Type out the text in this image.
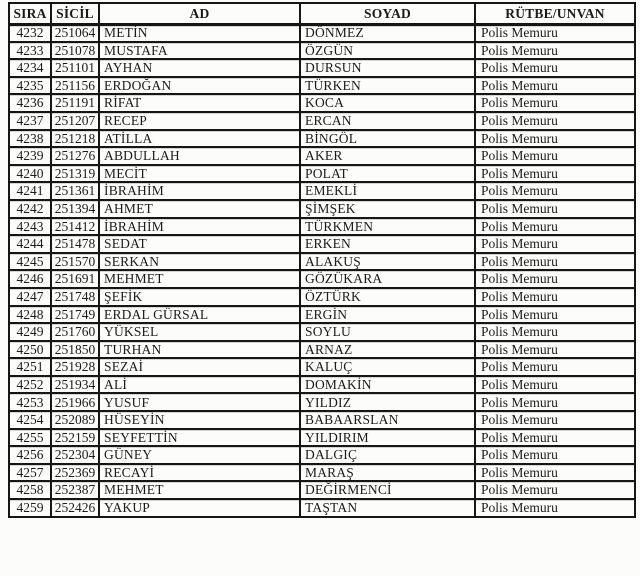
SIRA	SİCİL	AD	SOYAD	RÜTBE/UNVAN
4232	251064	METİN	DÖNMEZ	Polis Memuru
4233	251078	MUSTAFA	ÖZGÜN	Polis Memuru
4234	251101	AYHAN	DURSUN	Polis Memuru
4235	251156	ERDOĞAN	TÜRKEN	Polis Memuru
4236	251191	RİFAT	KOCA	Polis Memuru
4237	251207	RECEP	ERCAN	Polis Memuru
4238	251218	ATİLLA	BİNGÖL	Polis Memuru
4239	251276	ABDULLAH	AKER	Polis Memuru
4240	251319	MECİT	POLAT	Polis Memuru
4241	251361	İBRAHİM	EMEKLİ	Polis Memuru
4242	251394	AHMET	ŞİMŞEK	Polis Memuru
4243	251412	İBRAHİM	TÜRKMEN	Polis Memuru
4244	251478	SEDAT	ERKEN	Polis Memuru
4245	251570	SERKAN	ALAKUŞ	Polis Memuru
4246	251691	MEHMET	GÖZÜKARA	Polis Memuru
4247	251748	ŞEFİK	ÖZTÜRK	Polis Memuru
4248	251749	ERDAL GÜRSAL	ERGİN	Polis Memuru
4249	251760	YÜKSEL	SOYLU	Polis Memuru
4250	251850	TURHAN	ARNAZ	Polis Memuru
4251	251928	SEZAİ	KALUÇ	Polis Memuru
4252	251934	ALİ	DOMAKİN	Polis Memuru
4253	251966	YUSUF	YILDIZ	Polis Memuru
4254	252089	HÜSEYİN	BABAARSLAN	Polis Memuru
4255	252159	SEYFETTİN	YILDIRIM	Polis Memuru
4256	252304	GÜNEY	DALGIÇ	Polis Memuru
4257	252369	RECAYİ	MARAŞ	Polis Memuru
4258	252387	MEHMET	DEĞİRMENCİ	Polis Memuru
4259	252426	YAKUP	TAŞTAN	Polis Memuru
